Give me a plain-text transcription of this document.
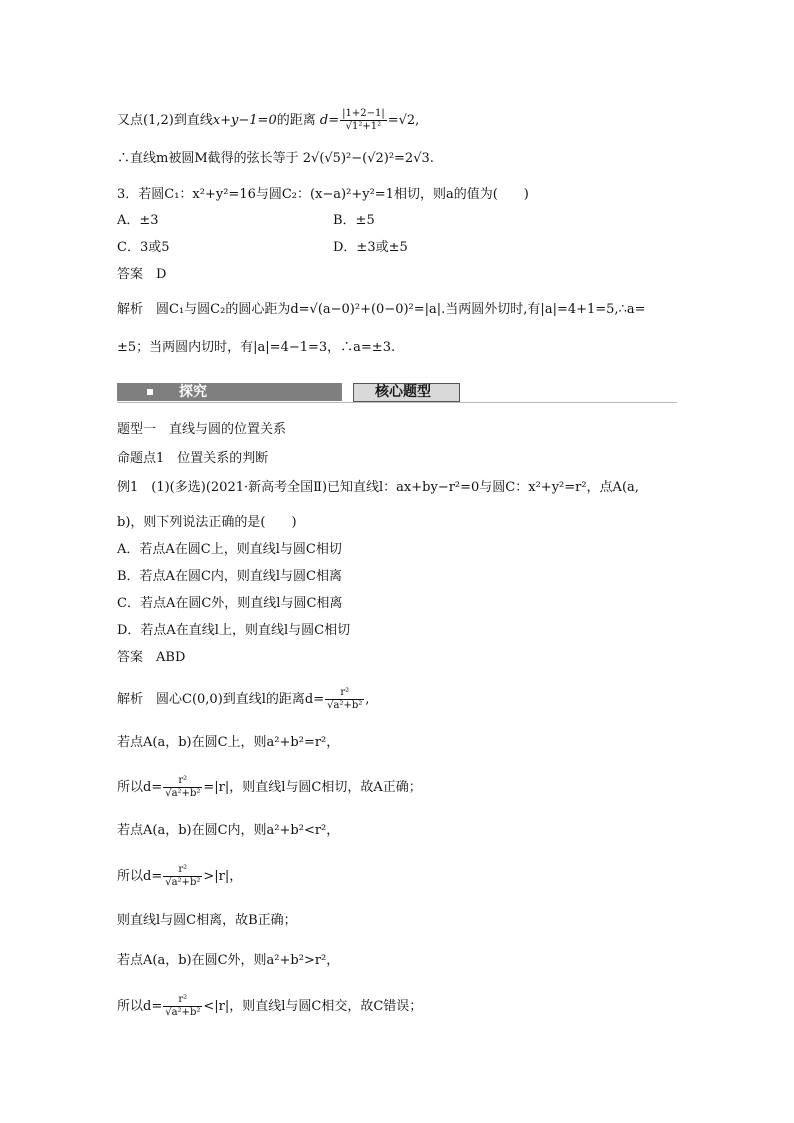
又点(1,2)到直线x+y−1=0的距离 $d= \frac{|1+2-1|}{\text{√1²+1²}} =√2$,
∴直线m被圆M截得的弦长等于 2√(√5)²−(√2)²=2√3.
3．若圆C₁：x²+y²=16与圆C₂：(x−a)²+y²=1相切，则a的值为(　　)
A．±3	B．±5
C．3或5	D．±3或±5
答案　D
解析　圆C₁与圆C₂的圆心距为d=√(a−0)²+(0−0)²=|a|.当两圆外切时,有|a|=4+1=5,∴a=
±5；当两圆内切时，有|a|=4−1=3，∴a=±3.
探究	核心题型
题型一　直线与圆的位置关系
命题点1　位置关系的判断
例1　(1)(多选)(2021·新高考全国Ⅱ)已知直线l：ax+by−r²=0与圆C：x²+y²=r²，点A(a,
b)，则下列说法正确的是(　　)
A．若点A在圆C上，则直线l与圆C相切
B．若点A在圆C内，则直线l与圆C相离
C．若点A在圆C外，则直线l与圆C相离
D．若点A在直线l上，则直线l与圆C相切
答案　ABD
解析　圆心C(0,0)到直线l的距离$d= \frac{\text{r²}}{\text{√a²+b²}}$ ,
若点A(a，b)在圆C上，则a²+b²=r²，
所以$d= \frac{\text{r²}}{\text{√a²+b²}} =|r|$，则直线l与圆C相切，故A正确；
若点A(a，b)在圆C内，则a²+b²<r²，
所以$d= \frac{\text{r²}}{\text{√a²+b²}} >|r|$，
则直线l与圆C相离，故B正确；
若点A(a，b)在圆C外，则a²+b²>r²，
所以$d= \frac{\text{r²}}{\text{√a²+b²}} <|r|$，则直线l与圆C相交，故C错误；
